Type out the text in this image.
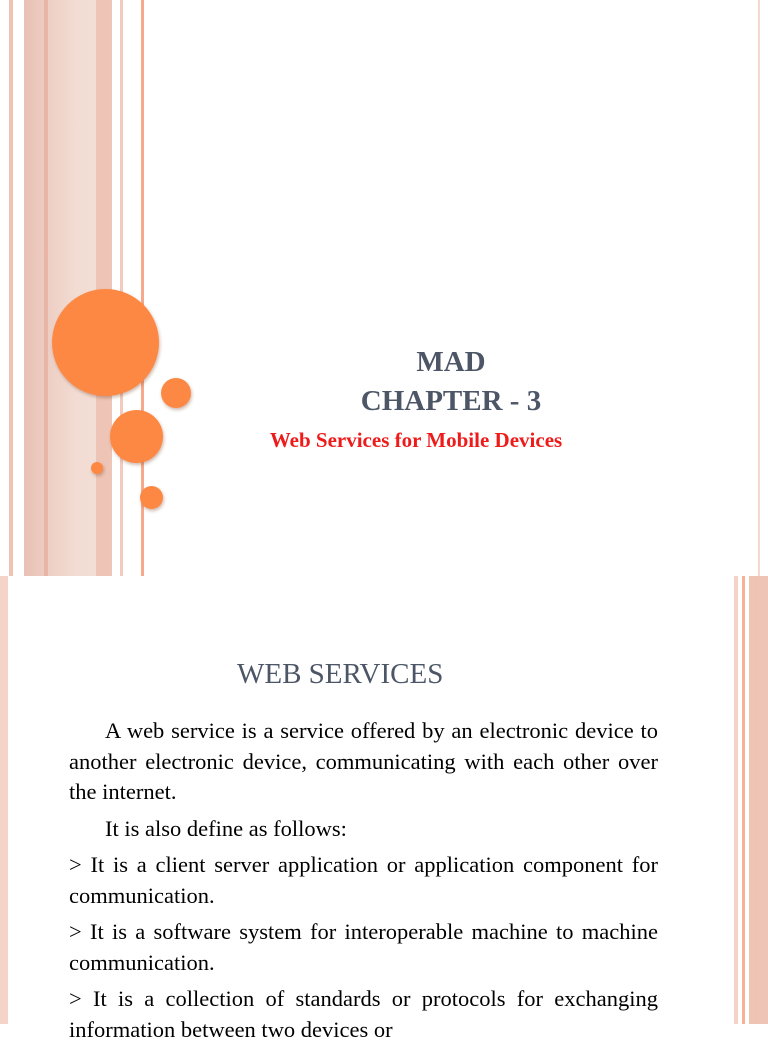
MAD
CHAPTER - 3
Web Services for Mobile Devices
WEB SERVICES

A web service is a service offered by an electronic device to another electronic device, communicating with each other over the internet.

It is also define as follows:

> It is a client server application or application component for communication.

> It is a software system for interoperable machine to machine communication.

> It is a collection of standards or protocols for exchanging information between two devices or
